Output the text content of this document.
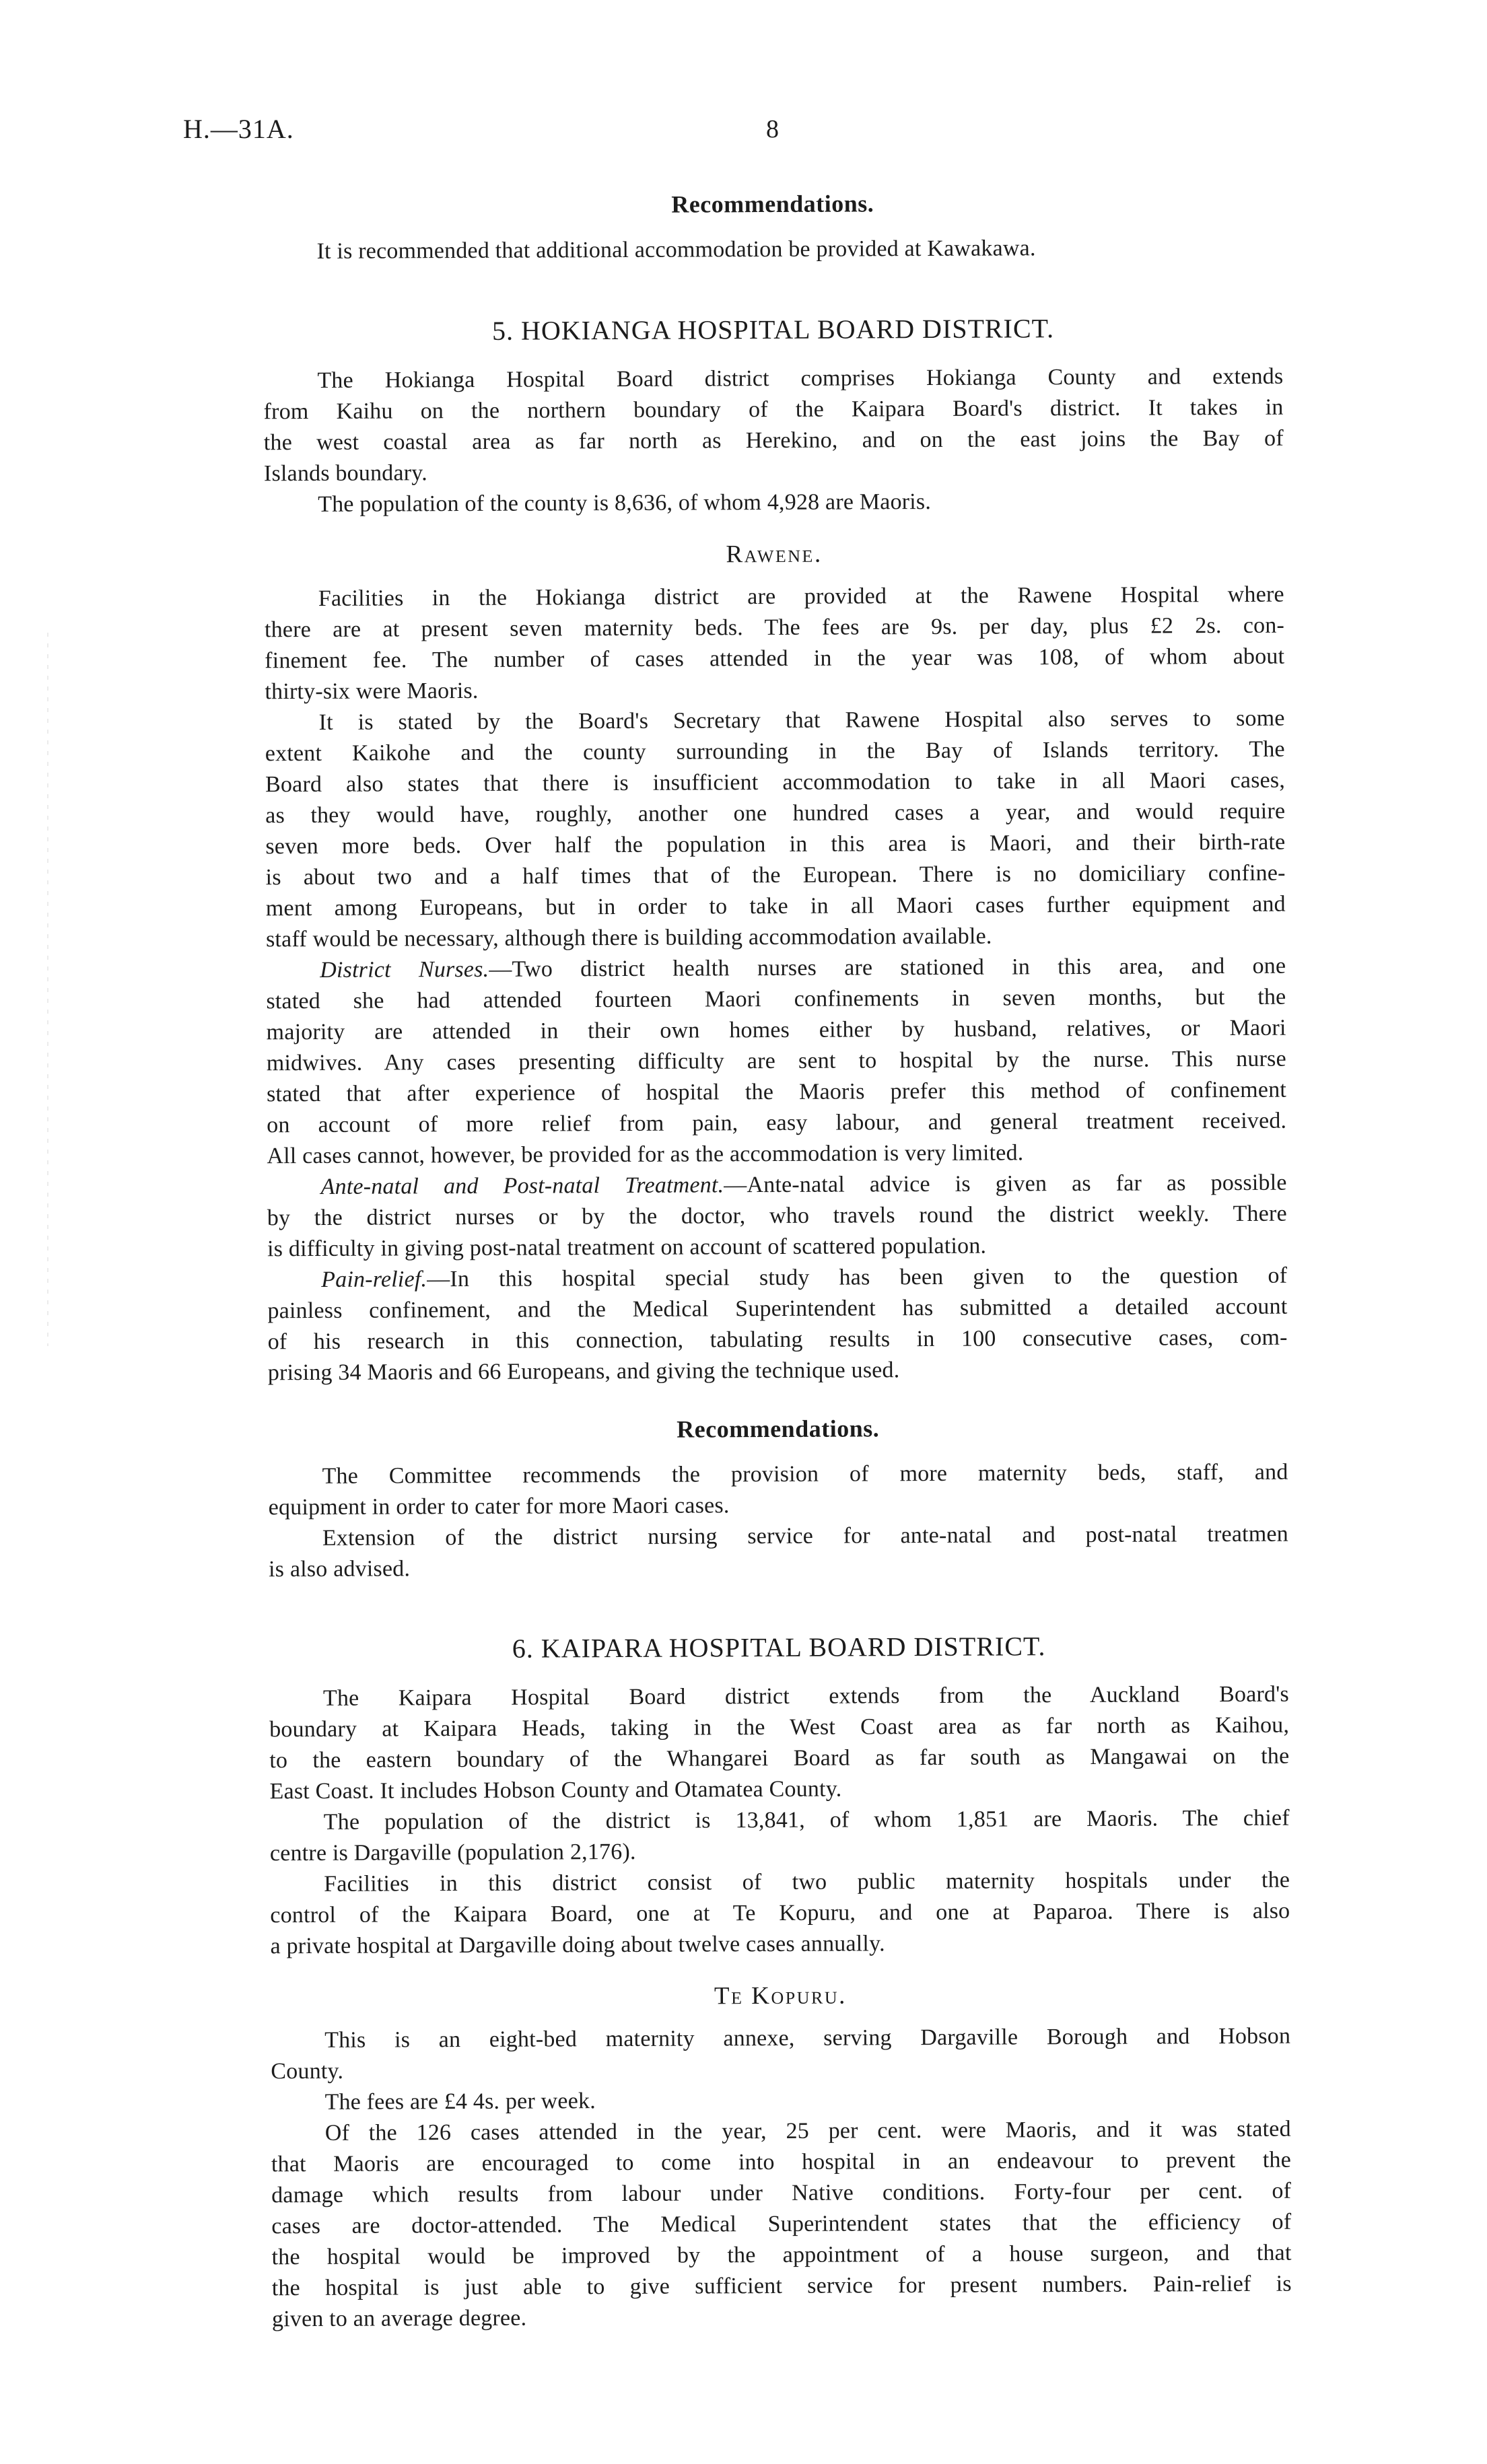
H.—31A.	8
Recommendations.
It is recommended that additional accommodation be provided at Kawakawa.
5. HOKIANGA HOSPITAL BOARD DISTRICT.
The Hokianga Hospital Board district comprises Hokianga County and extends
from Kaihu on the northern boundary of the Kaipara Board's district. It takes in
the west coastal area as far north as Herekino, and on the east joins the Bay of
Islands boundary.
The population of the county is 8,636, of whom 4,928 are Maoris.
Rawene.
Facilities in the Hokianga district are provided at the Rawene Hospital where
there are at present seven maternity beds. The fees are 9s. per day, plus £2 2s. con-
finement fee. The number of cases attended in the year was 108, of whom about
thirty-six were Maoris.
It is stated by the Board's Secretary that Rawene Hospital also serves to some
extent Kaikohe and the county surrounding in the Bay of Islands territory. The
Board also states that there is insufficient accommodation to take in all Maori cases,
as they would have, roughly, another one hundred cases a year, and would require
seven more beds. Over half the population in this area is Maori, and their birth-rate
is about two and a half times that of the European. There is no domiciliary confine-
ment among Europeans, but in order to take in all Maori cases further equipment and
staff would be necessary, although there is building accommodation available.
District Nurses.—Two district health nurses are stationed in this area, and one
stated she had attended fourteen Maori confinements in seven months, but the
majority are attended in their own homes either by husband, relatives, or Maori
midwives. Any cases presenting difficulty are sent to hospital by the nurse. This nurse
stated that after experience of hospital the Maoris prefer this method of confinement
on account of more relief from pain, easy labour, and general treatment received.
All cases cannot, however, be provided for as the accommodation is very limited.
Ante-natal and Post-natal Treatment.—Ante-natal advice is given as far as possible
by the district nurses or by the doctor, who travels round the district weekly. There
is difficulty in giving post-natal treatment on account of scattered population.
Pain-relief.—In this hospital special study has been given to the question of
painless confinement, and the Medical Superintendent has submitted a detailed account
of his research in this connection, tabulating results in 100 consecutive cases, com-
prising 34 Maoris and 66 Europeans, and giving the technique used.
Recommendations.
The Committee recommends the provision of more maternity beds, staff, and
equipment in order to cater for more Maori cases.
Extension of the district nursing service for ante-natal and post-natal treatmen
is also advised.
6. KAIPARA HOSPITAL BOARD DISTRICT.
The Kaipara Hospital Board district extends from the Auckland Board's
boundary at Kaipara Heads, taking in the West Coast area as far north as Kaihou,
to the eastern boundary of the Whangarei Board as far south as Mangawai on the
East Coast. It includes Hobson County and Otamatea County.
The population of the district is 13,841, of whom 1,851 are Maoris. The chief
centre is Dargaville (population 2,176).
Facilities in this district consist of two public maternity hospitals under the
control of the Kaipara Board, one at Te Kopuru, and one at Paparoa. There is also
a private hospital at Dargaville doing about twelve cases annually.
Te Kopuru.
This is an eight-bed maternity annexe, serving Dargaville Borough and Hobson
County.
The fees are £4 4s. per week.
Of the 126 cases attended in the year, 25 per cent. were Maoris, and it was stated
that Maoris are encouraged to come into hospital in an endeavour to prevent the
damage which results from labour under Native conditions. Forty-four per cent. of
cases are doctor-attended. The Medical Superintendent states that the efficiency of
the hospital would be improved by the appointment of a house surgeon, and that
the hospital is just able to give sufficient service for present numbers. Pain-relief is
given to an average degree.
